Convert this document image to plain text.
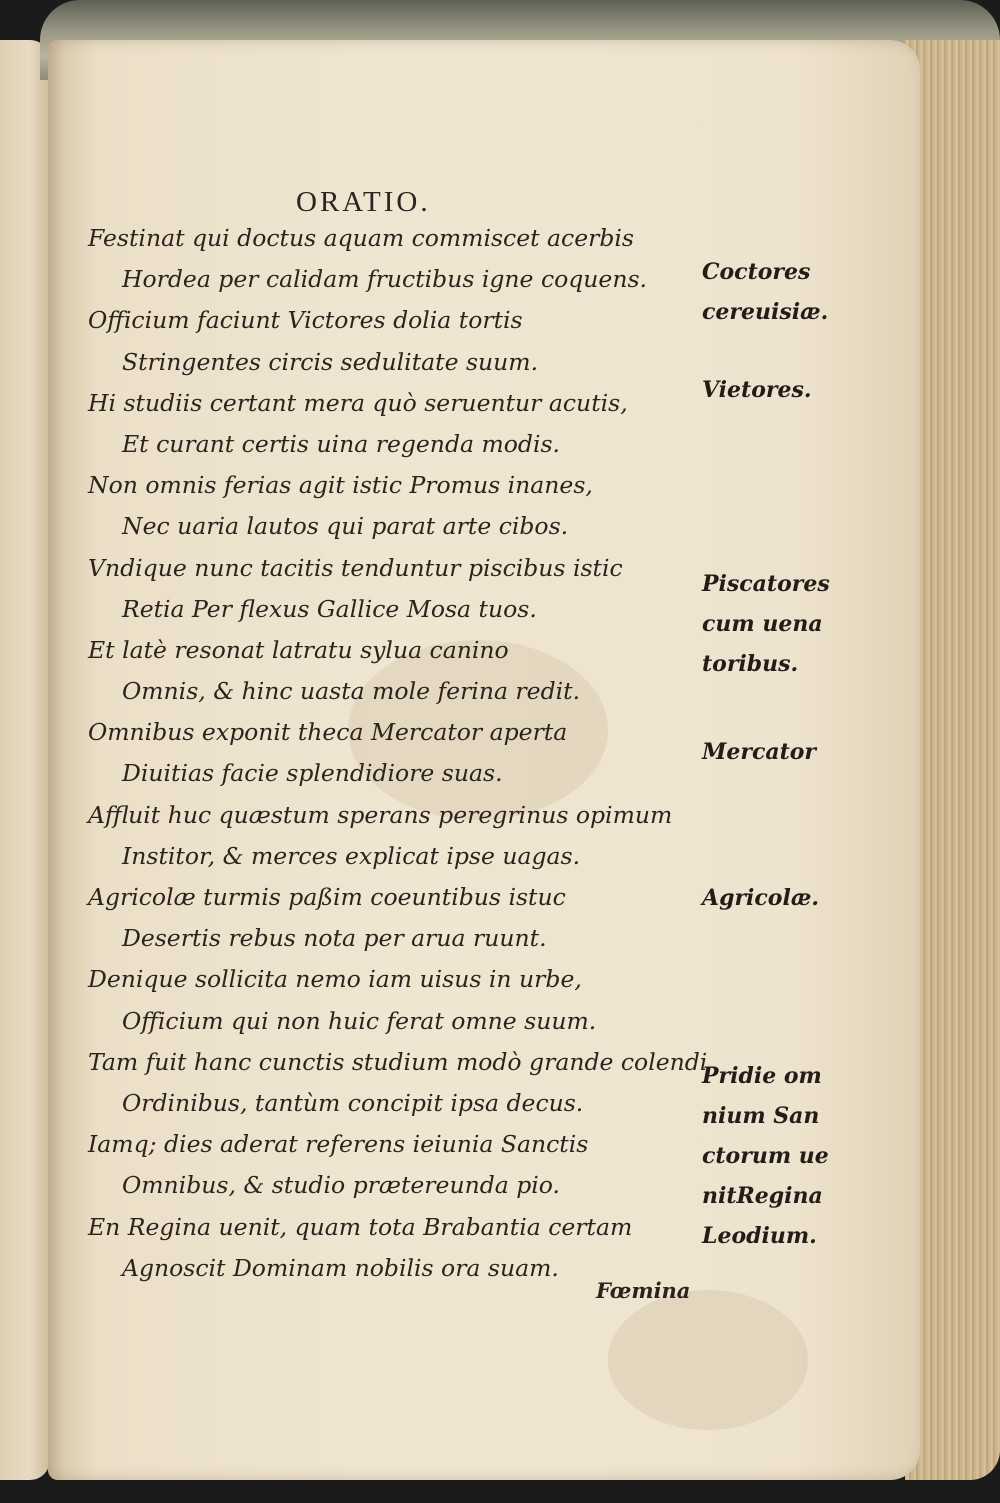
ORATIO.
Festinat qui doctus aquam commiscet acerbis
Hordea per calidam fructibus igne coquens.
Officium faciunt Victores dolia tortis
Stringentes circis sedulitate suum.
Hi studiis certant mera quò seruentur acutis,
Et curant certis uina regenda modis.
Non omnis ferias agit istic Promus inanes,
Nec uaria lautos qui parat arte cibos.
Vndique nunc tacitis tenduntur piscibus istic
Retia Per flexus Gallice Mosa tuos.
Et latè resonat latratu sylua canino
Omnis, & hinc uasta mole ferina redit.
Omnibus exponit theca Mercator aperta
Diuitias facie splendidiore suas.
Affluit huc quæstum sperans peregrinus opimum
Institor, & merces explicat ipse uagas.
Agricolæ turmis paßim coeuntibus istuc
Desertis rebus nota per arua ruunt.
Denique sollicita nemo iam uisus in urbe,
Officium qui non huic ferat omne suum.
Tam fuit hanc cunctis studium modò grande colendi
Ordinibus, tantùm concipit ipsa decus.
Iamq; dies aderat referens ieiunia Sanctis
Omnibus, & studio prætereunda pio.
En Regina uenit, quam tota Brabantia certam
Agnoscit Dominam nobilis ora suam.
Coctores
cereuisiæ.
Vietores.
Piscatores
cum uena
toribus.
Mercator
Agricolæ.
Pridie om
nium San
ctorum ue
nitRegina
Leodium.
Fœmina
